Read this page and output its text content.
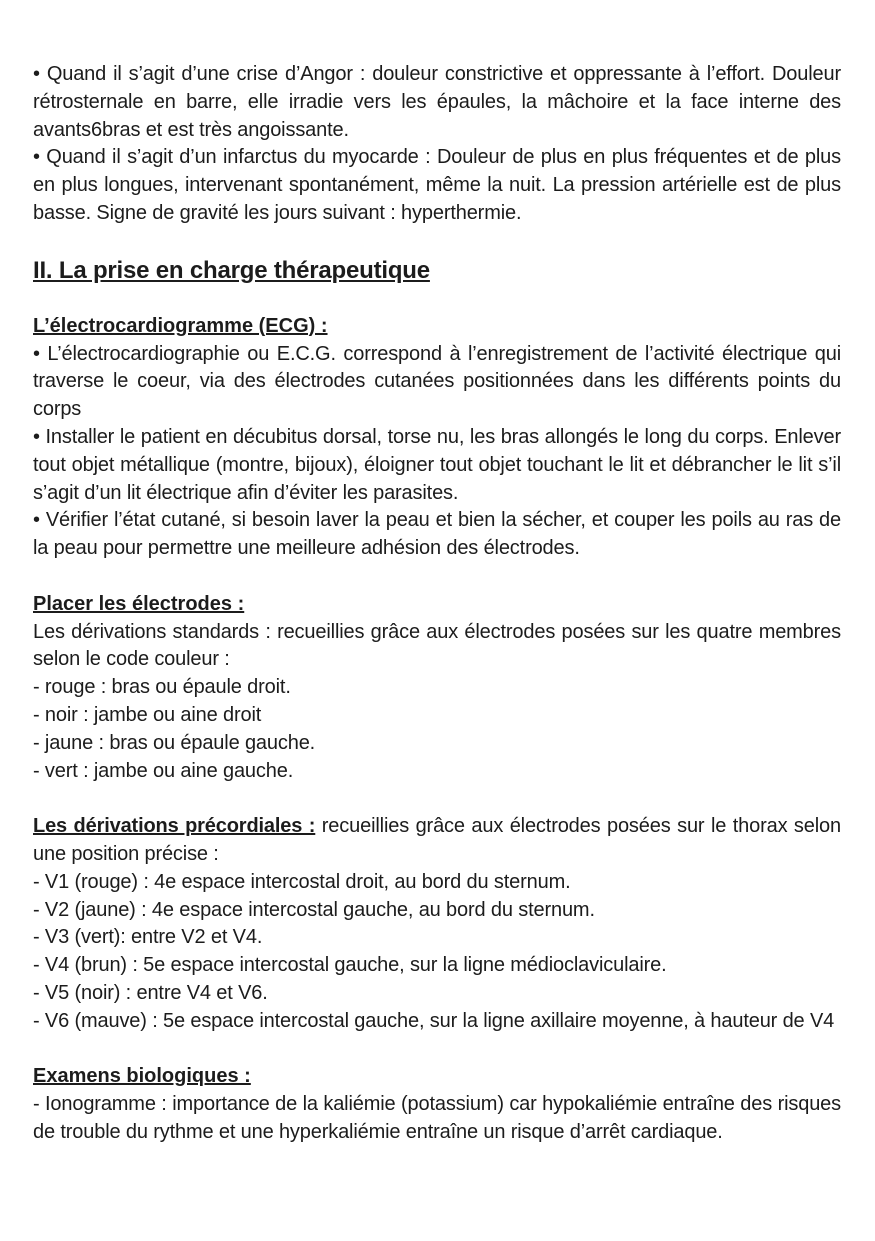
• Quand il s’agit d’une crise d’Angor : douleur constrictive et oppressante à l’effort. Douleur rétrosternale en barre, elle irradie vers les épaules, la mâchoire et la face interne des avants6bras et est très angoissante.

• Quand il s’agit d’un infarctus du myocarde : Douleur de plus en plus fréquentes et de plus en plus longues, intervenant spontanément, même la nuit. La pression artérielle est de plus basse. Signe de gravité les jours suivant : hyperthermie.

II. La prise en charge thérapeutique

L’électrocardiogramme (ECG) :

• L’électrocardiographie ou E.C.G. correspond à l’enregistrement de l’activité électrique qui traverse le coeur, via des électrodes cutanées positionnées dans les différents points du corps

• Installer le patient en décubitus dorsal, torse nu, les bras allongés le long du corps. Enlever tout objet métallique (montre, bijoux), éloigner tout objet touchant le lit et débrancher le lit s’il s’agit d’un lit électrique afin d’éviter les parasites.

• Vérifier l’état cutané, si besoin laver la peau et bien la sécher, et couper les poils au ras de la peau pour permettre une meilleure adhésion des électrodes.

Placer les électrodes :

Les dérivations standards : recueillies grâce aux électrodes posées sur les quatre membres selon le code couleur :

- rouge : bras ou épaule droit.

- noir : jambe ou aine droit

- jaune : bras ou épaule gauche.

- vert : jambe ou aine gauche.

Les dérivations précordiales : recueillies grâce aux électrodes posées sur le thorax selon une position précise :

- V1 (rouge) : 4e espace intercostal droit, au bord du sternum.

- V2 (jaune) : 4e espace intercostal gauche, au bord du sternum.

- V3 (vert): entre V2 et V4.

- V4 (brun) : 5e espace intercostal gauche, sur la ligne médioclaviculaire.

- V5 (noir) : entre V4 et V6.

- V6 (mauve) : 5e espace intercostal gauche, sur la ligne axillaire moyenne, à hauteur de V4

Examens biologiques :

- Ionogramme : importance de la kaliémie (potassium) car hypokaliémie entraîne des risques de trouble du rythme et une hyperkaliémie entraîne un risque d’arrêt cardiaque.
